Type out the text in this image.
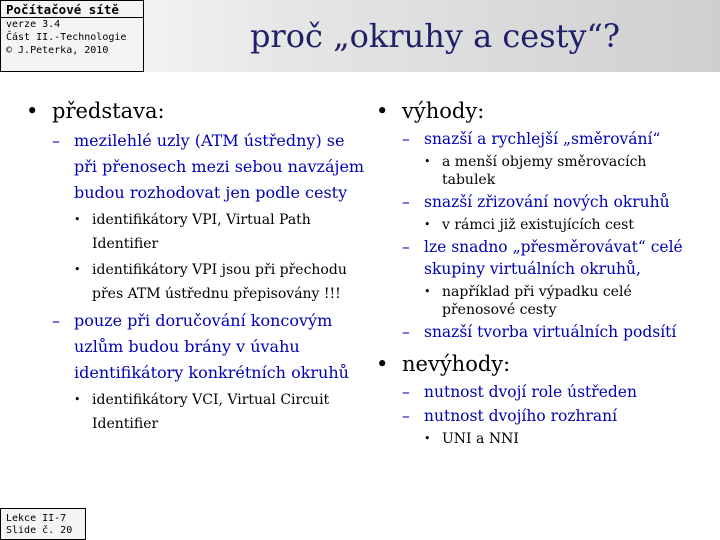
Počítačové sítě
verze 3.4
Část II.-Technologie
© J.Peterka, 2010	proč „okruhy a cesty“?
• představa:
– mezilehlé uzly (ATM ústředny) se při přenosech mezi sebou navzájem budou rozhodovat jen podle cesty
• identifikátory VPI, Virtual Path Identifier
• identifikátory VPI jsou při přechodu přes ATM ústřednu přepisovány !!!
– pouze při doručování koncovým uzlům budou brány v úvahu identifikátory konkrétních okruhů
• identifikátory VCI, Virtual Circuit Identifier
• výhody:
– snazší a rychlejší „směrování“
• a menší objemy směrovacích tabulek
– snazší zřizování nových okruhů
• v rámci již existujících cest
– lze snadno „přesměrovávat“ celé skupiny virtuálních okruhů,
• například při výpadku celé přenosové cesty
– snazší tvorba virtuálních podsítí
• nevýhody:
– nutnost dvojí role ústředen
– nutnost dvojího rozhraní
• UNI a NNI
Lekce II-7
Slide č. 20
